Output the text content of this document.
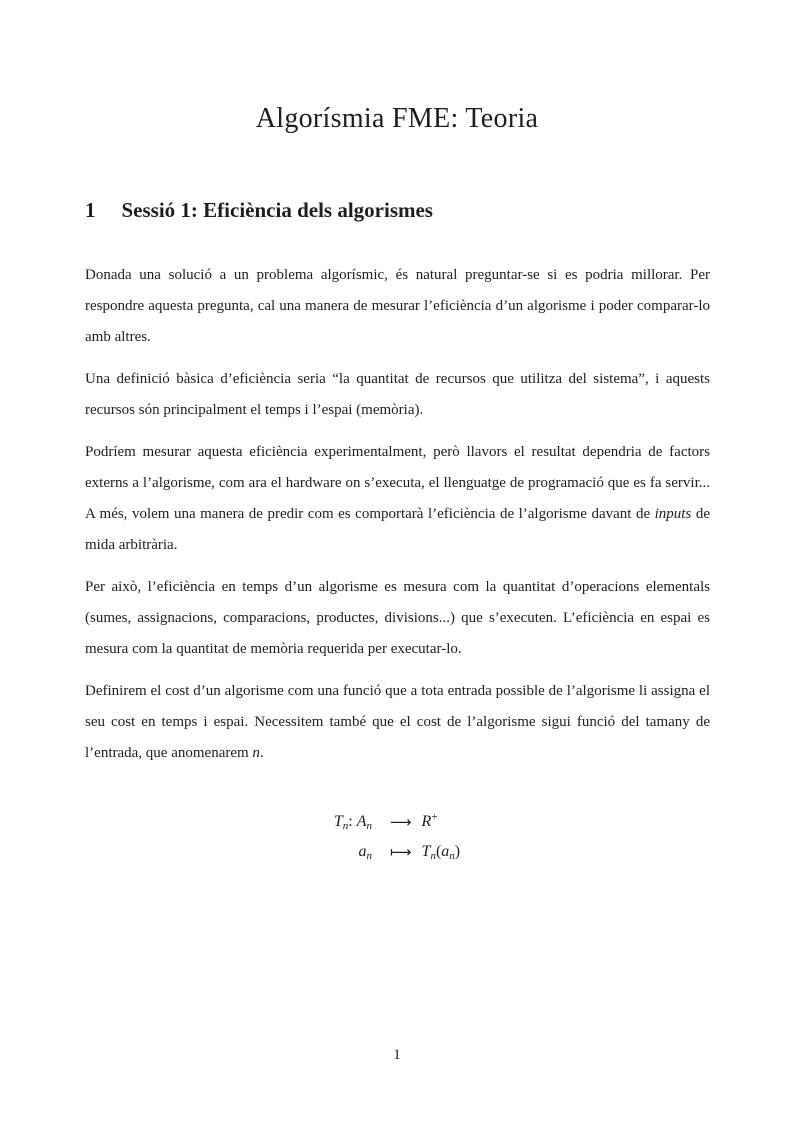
Algorísmia FME: Teoria
1 Sessió 1: Eficiència dels algorismes

Donada una solució a un problema algorísmic, és natural preguntar-se si es podria millorar. Per respondre aquesta pregunta, cal una manera de mesurar l’eficiència d’un algorisme i poder comparar-lo amb altres.

Una definició bàsica d’eficiència seria “la quantitat de recursos que utilitza del sistema”, i aquests recursos són principalment el temps i l’espai (memòria).

Podríem mesurar aquesta eficiència experimentalment, però llavors el resultat dependria de factors externs a l’algorisme, com ara el hardware on s’executa, el llenguatge de programació que es fa servir... A més, volem una manera de predir com es comportarà l’eficiència de l’algorisme davant de inputs de mida arbitrària.

Per això, l’eficiència en temps d’un algorisme es mesura com la quantitat d’operacions elementals (sumes, assignacions, comparacions, productes, divisions...) que s’executen. L’eficiència en espai es mesura com la quantitat de memòria requerida per executar-lo.

Definirem el cost d’un algorisme com una funció que a tota entrada possible de l’algorisme li assigna el seu cost en temps i espai. Necessitem també que el cost de l’algorisme sigui funció del tamany de l’entrada, que anomenarem n.

$T_n$: $A_n$	⟶ R+
$a_n$	⟼ $T_n(a_n)$
1
